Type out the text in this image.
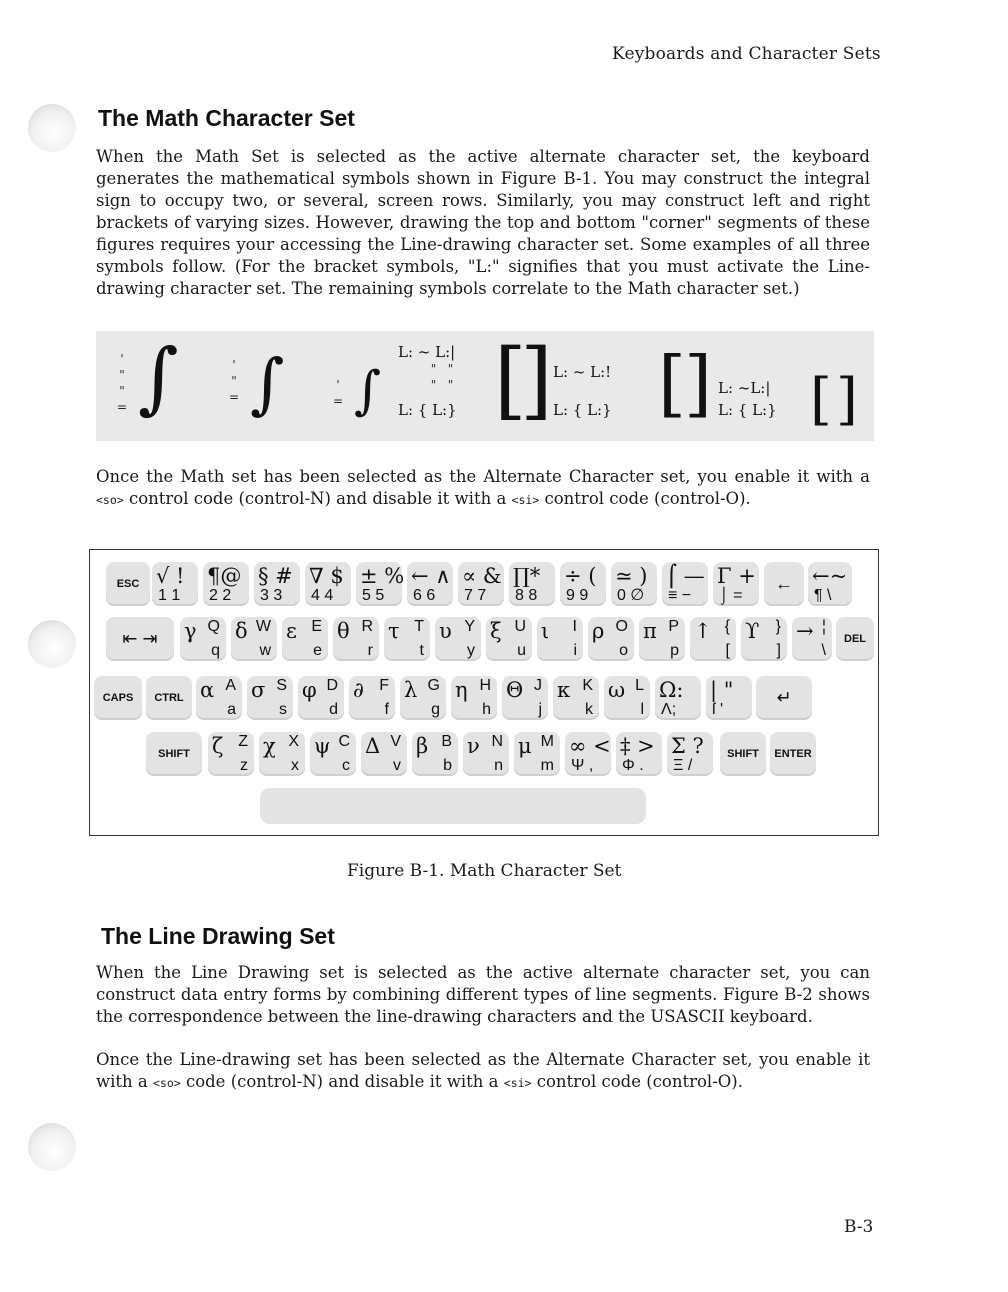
Keyboards and Character Sets
The Math Character Set

When the Math Set is selected as the active alternate character set, the keyboard generates the mathematical symbols shown in Figure B-1. You may construct the integral sign to occupy two, or several, screen rows. Similarly, you may construct left and right brackets of varying sizes. However, drawing the top and bottom "corner" segments of these figures requires your accessing the Line-drawing character set. Some examples of all three symbols follow. (For the bracket symbols, "L:" signifies that you must activate the Line-drawing character set. The remaining symbols correlate to the Math character set.)

'
"
"
= ∫	'
"
= ∫	'
= ∫
L: ~ L:|
"   "
"   "
L: { L:} [
] L: ~ L:!
L: { L:} [
] L: ~L:|
L: { L:} [ ]

Once the Math set has been selected as the Alternate Character set, you enable it with a <so> control code (control-N) and disable it with a <si> control code (control-O).

ESC √ !
1 1
¶@
2 2
§ #
3 3
∇ $
4 4
± %
5 5
← ∧
6 6
∝ &
7 7
∏*
8 8
÷ (
9 9
≃ )
0 ∅
⌠ —
≡ −
Γ +
⌡ =
← ←~
¶ \
⇤ ⇥	γ Q
q
δ W
w
ε E
e
θ R
r
τ T
t
υ Y
y
ξ U
u
ι I
i
ρ O
o
π P
p
↑ {
[
ϒ }
]
→ ¦
\
DEL
CAPS	CTRL α A
a
σ S
s
φ D
d
∂ F
f
λ G
g
η H
h
Θ J
j
κ K
k
ω L
l
Ω:
Λ;
| "
ſ '
↵
SHIFT	ζ Z
z
χ X
x
ψ C
c
Δ V
v
β B
b
ν N
n
μ M
m
∞ <
Ψ ,
‡ >
Φ .
Σ ?
Ξ /
SHIFT	ENTER
Figure B-1. Math Character Set
The Line Drawing Set

When the Line Drawing set is selected as the active alternate character set, you can construct data entry forms by combining different types of line segments. Figure B-2 shows the correspondence between the line-drawing characters and the USASCII keyboard.

Once the Line-drawing set has been selected as the Alternate Character set, you enable it with a <so> code (control-N) and disable it with a <si> control code (control-O).

B-3
